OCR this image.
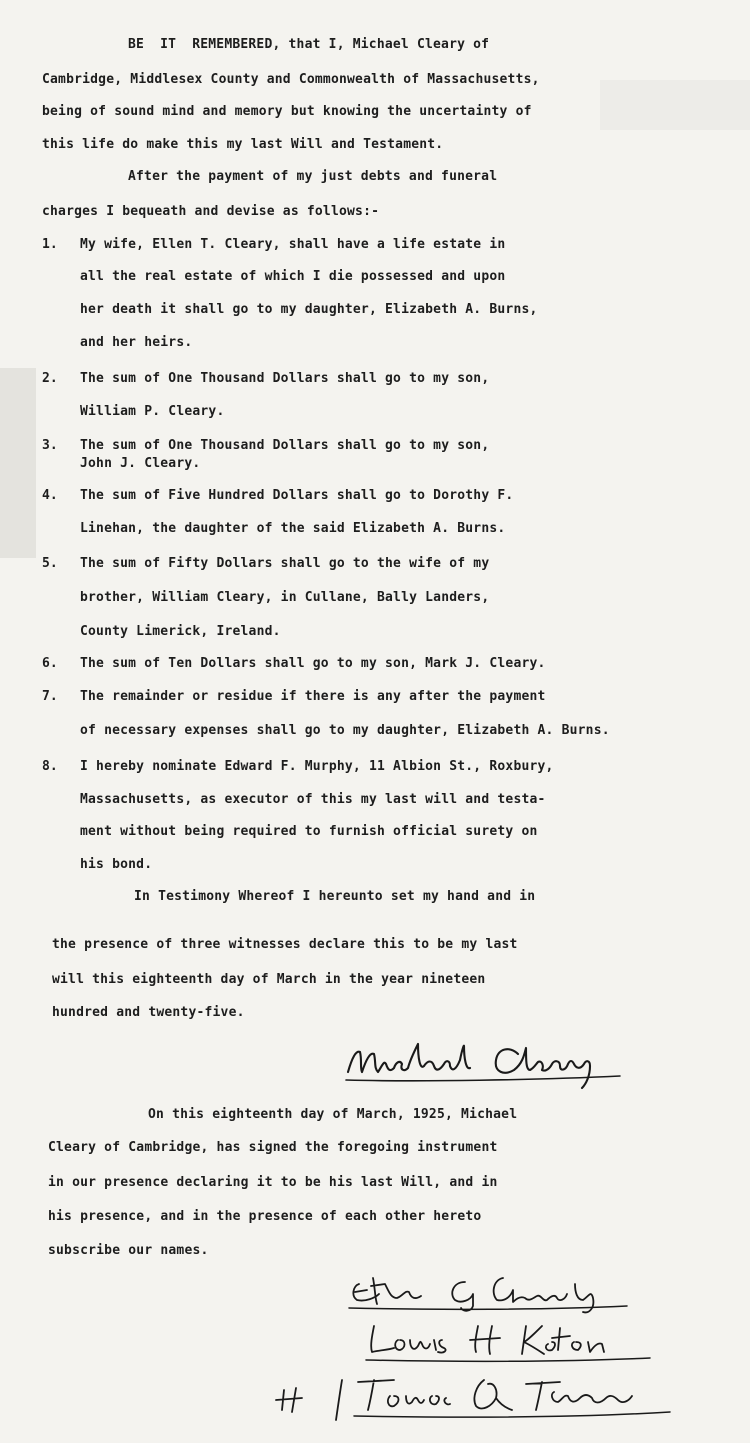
BE  IT  REMEMBERED, that I, Michael Cleary of
Cambridge, Middlesex County and Commonwealth of Massachusetts,
being of sound mind and memory but knowing the uncertainty of
this life do make this my last Will and Testament.
After the payment of my just debts and funeral
charges I bequeath and devise as follows:-
1. My wife, Ellen T. Cleary, shall have a life estate in
all the real estate of which I die possessed and upon
her death it shall go to my daughter, Elizabeth A. Burns,
and her heirs.
2. The sum of One Thousand Dollars shall go to my son,
William P. Cleary.
3. The sum of One Thousand Dollars shall go to my son,
John J. Cleary.
4. The sum of Five Hundred Dollars shall go to Dorothy F.
Linehan, the daughter of the said Elizabeth A. Burns.
5. The sum of Fifty Dollars shall go to the wife of my
brother, William Cleary, in Cullane, Bally Landers,
County Limerick, Ireland.
6. The sum of Ten Dollars shall go to my son, Mark J. Cleary.
7. The remainder or residue if there is any after the payment
of necessary expenses shall go to my daughter, Elizabeth A. Burns.
8. I hereby nominate Edward F. Murphy, 11 Albion St., Roxbury,
Massachusetts, as executor of this my last will and testa-
ment without being required to furnish official surety on
his bond.
In Testimony Whereof I hereunto set my hand and in
the presence of three witnesses declare this to be my last
will this eighteenth day of March in the year nineteen
hundred and twenty-five.
On this eighteenth day of March, 1925, Michael
Cleary of Cambridge, has signed the foregoing instrument
in our presence declaring it to be his last Will, and in
his presence, and in the presence of each other hereto
subscribe our names.
